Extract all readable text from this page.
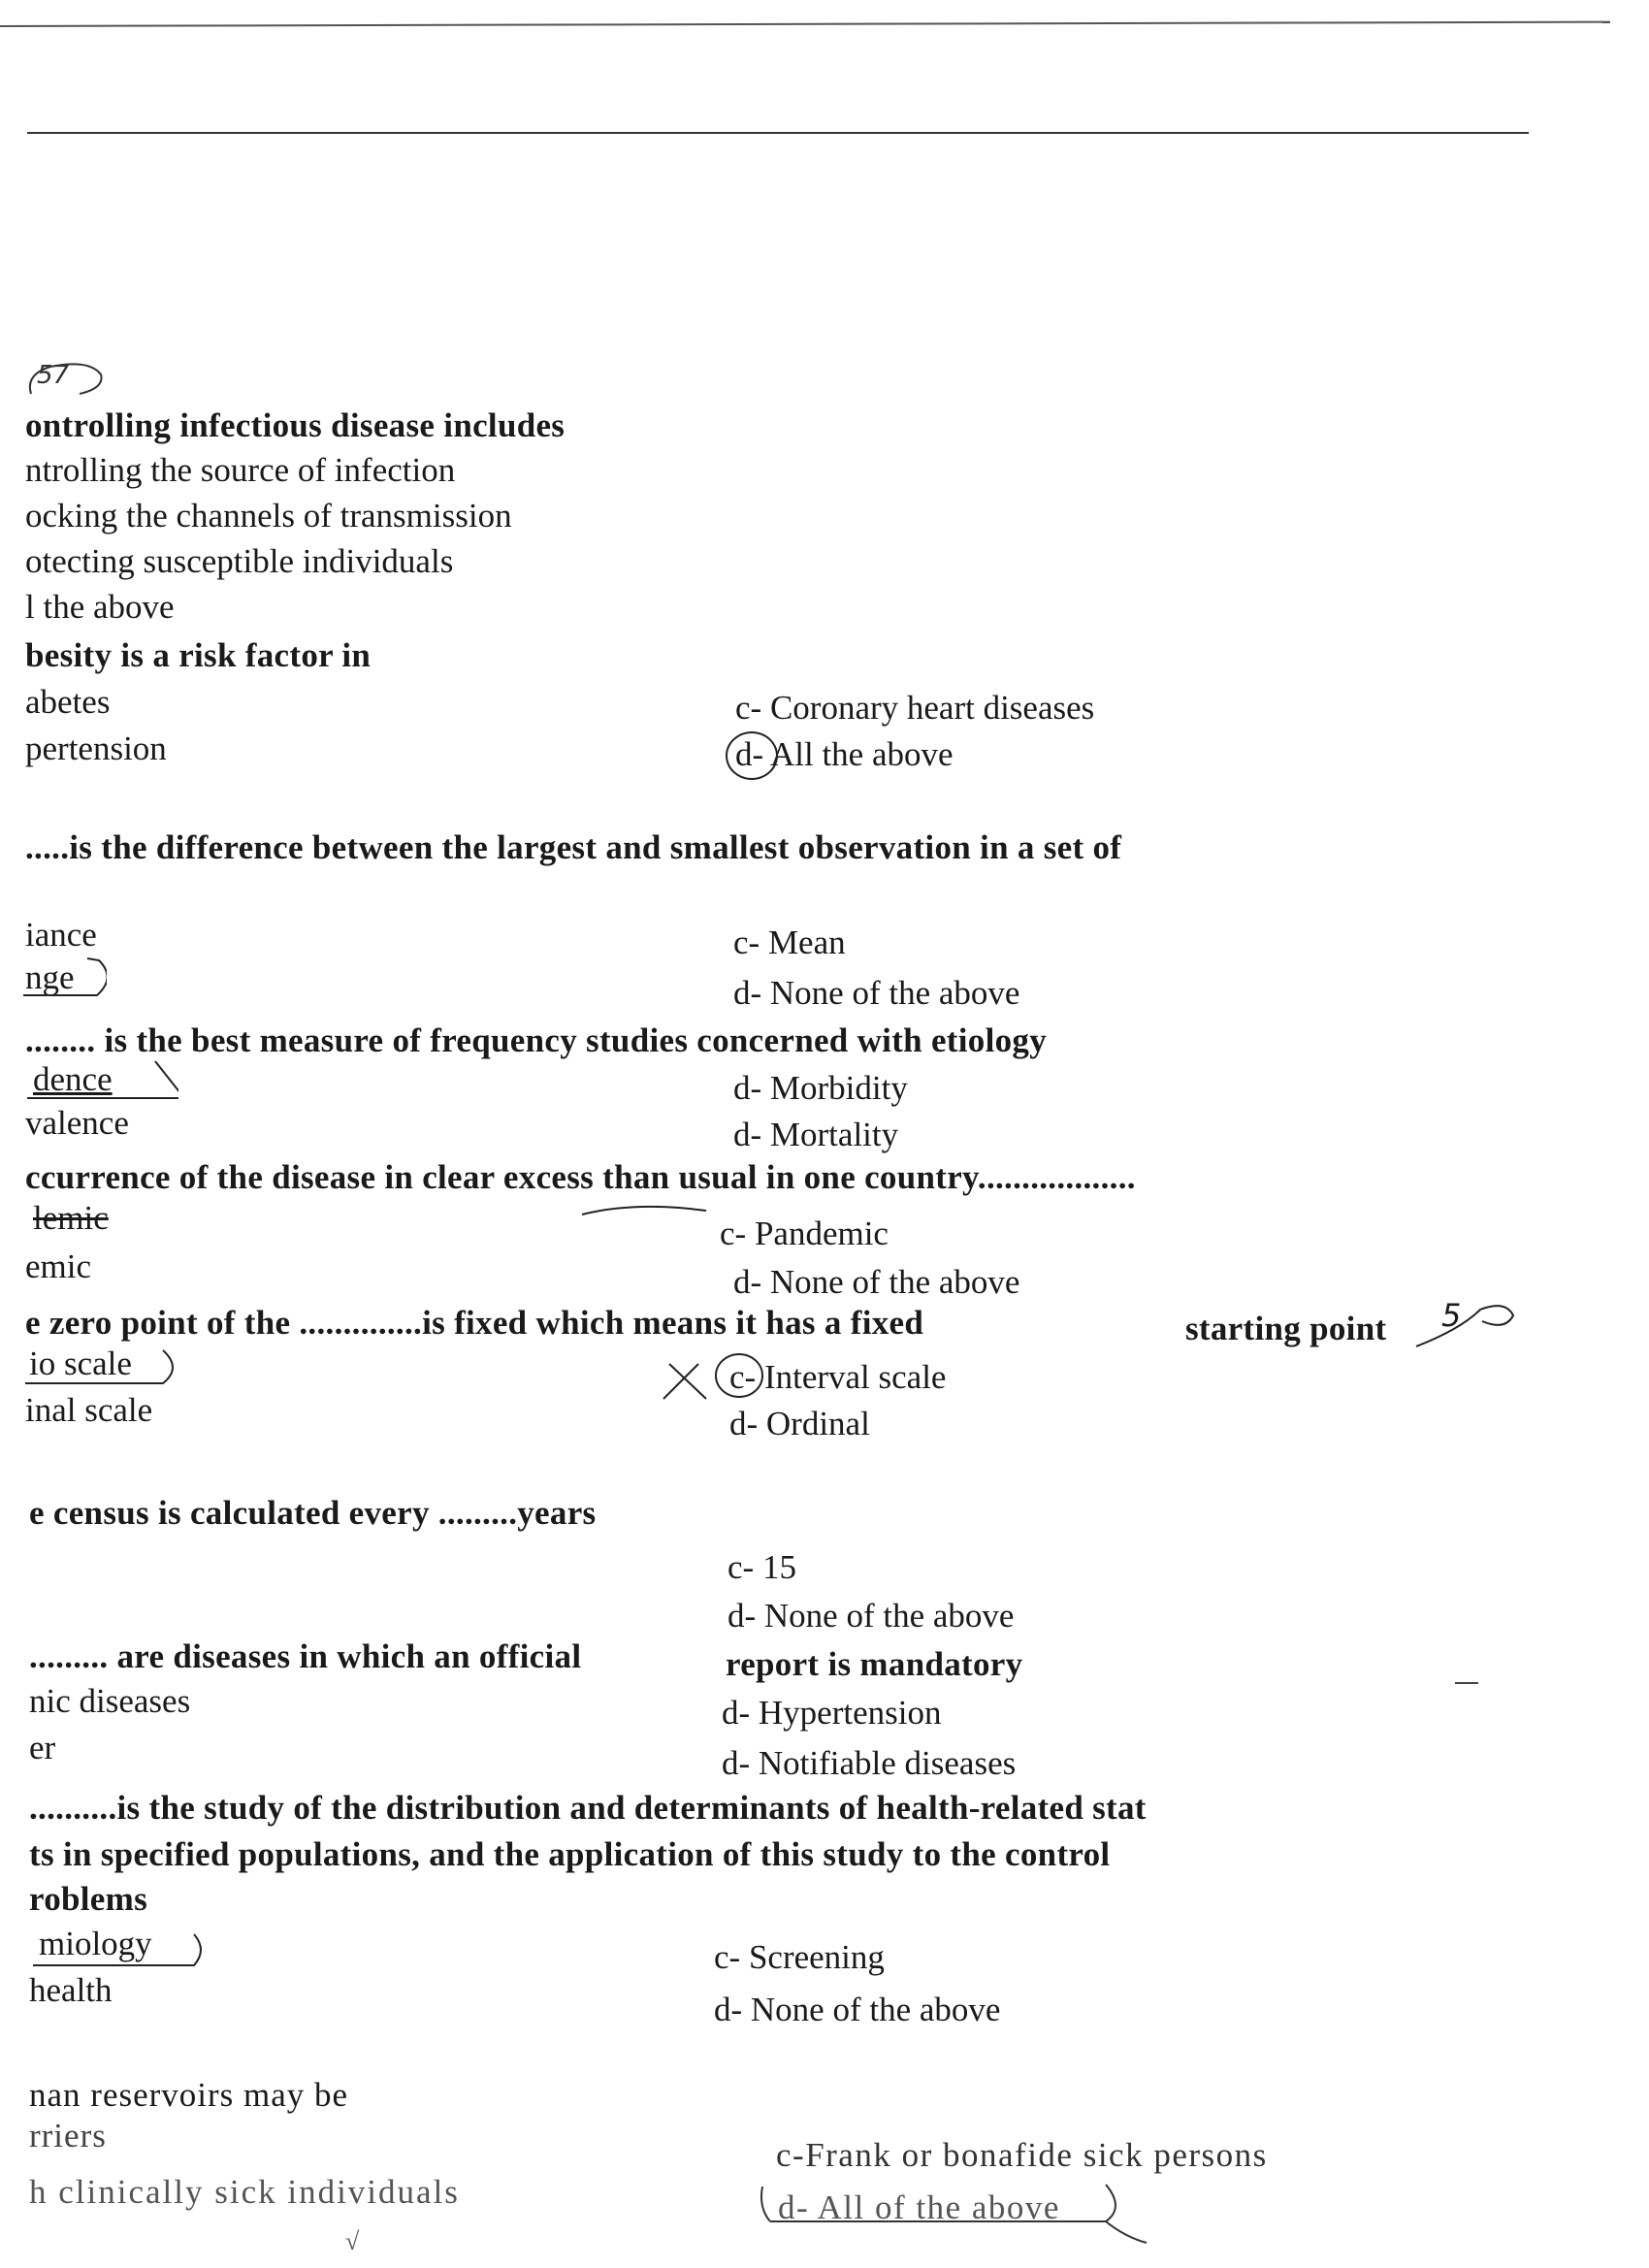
57
ontrolling infectious disease includes
ntrolling the source of infection
ocking the channels of transmission
otecting susceptible individuals
l the above
besity is a risk factor in
abetes
pertension
c- Coronary heart diseases
d- All the above
.....is the difference between the largest and smallest observation in a set of
iance
nge
c- Mean
d- None of the above
........ is the best measure of frequency studies concerned with etiology
dence
valence
d- Morbidity
d- Mortality
ccurrence of the disease in clear excess than usual in one country..................
lemic
emic
c- Pandemic
d- None of the above
e zero point of the ..............is fixed which means it has a fixed	starting point 5
io scale
inal scale
c- Interval scale
d- Ordinal
e census is calculated every .........years
c- 15
d- None of the above
......... are diseases in which an official	report is mandatory
nic diseases
er
d- Hypertension
d- Notifiable diseases
..........is the study of the distribution and determinants of health-related stat
ts in specified populations, and the application of this study to the control
roblems
miology
health
c- Screening
d- None of the above
nan reservoirs may be
rriers
h clinically sick individuals
c-Frank or bonafide sick persons
d- All of the above
√
